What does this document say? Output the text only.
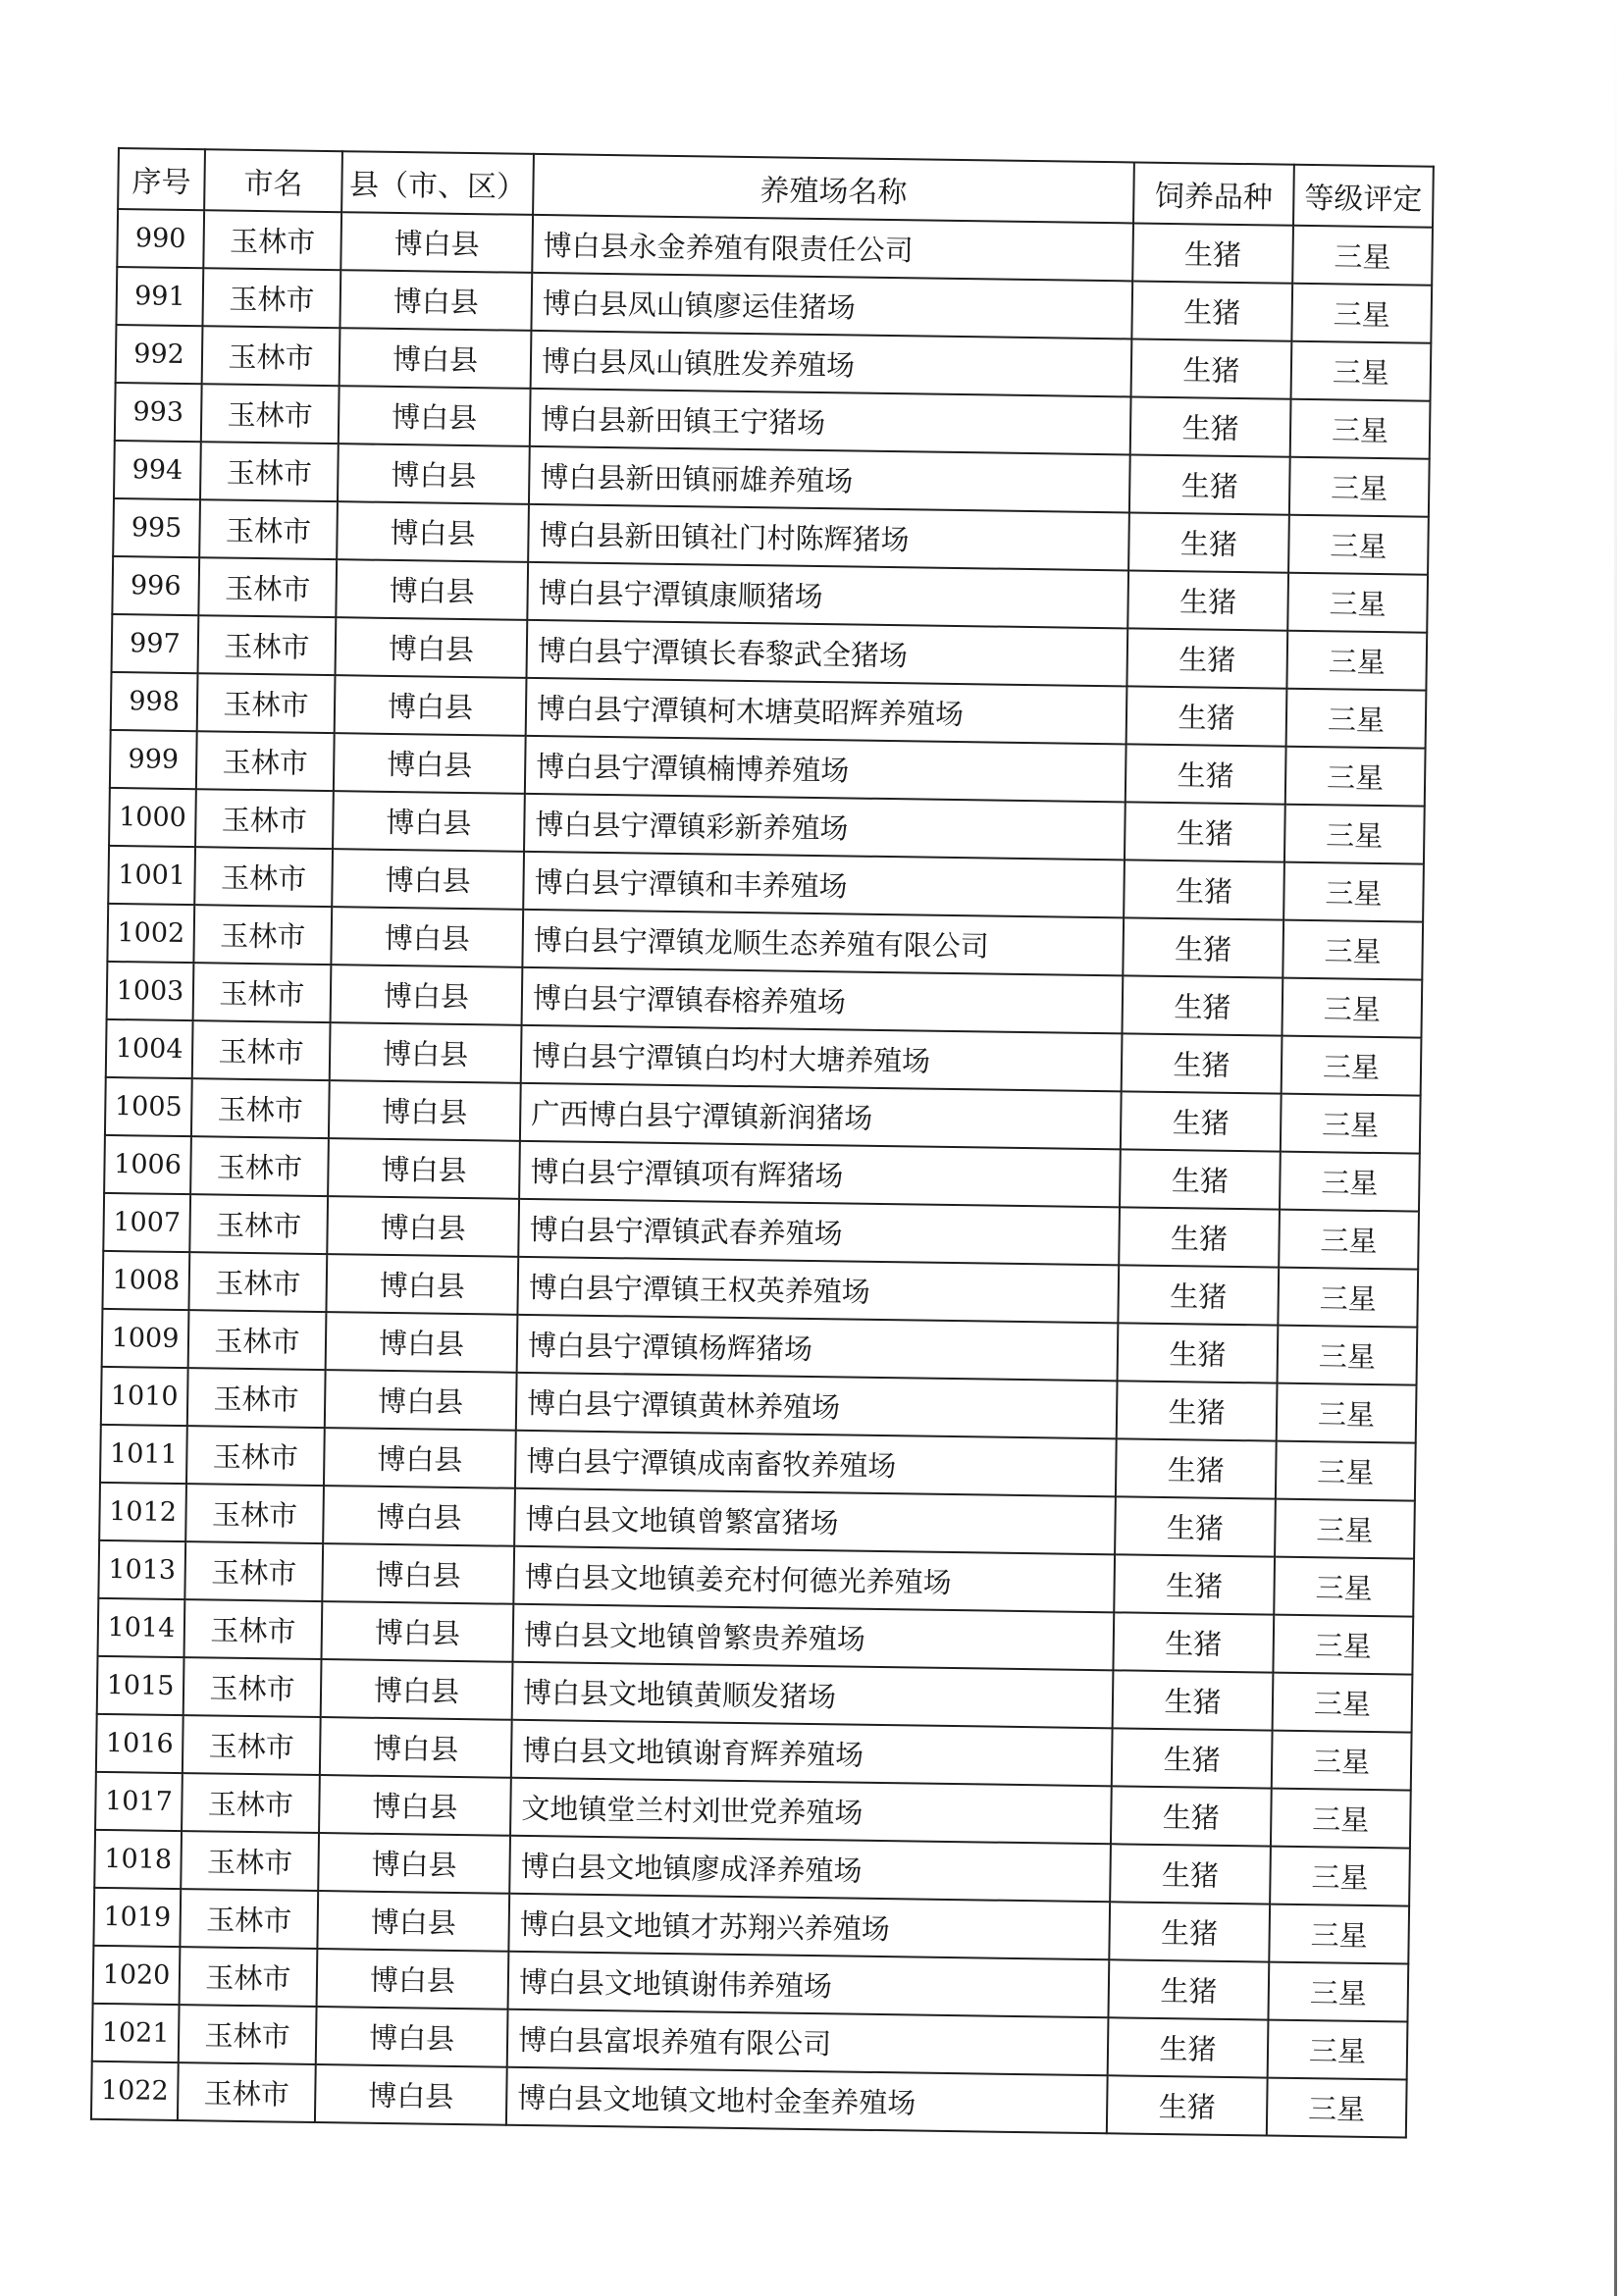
序号	市名	县（市、区）	养殖场名称	饲养品种	等级评定
990	玉林市	博白县	博白县永金养殖有限责任公司	生猪	三星
991	玉林市	博白县	博白县凤山镇廖运佳猪场	生猪	三星
992	玉林市	博白县	博白县凤山镇胜发养殖场	生猪	三星
993	玉林市	博白县	博白县新田镇王宁猪场	生猪	三星
994	玉林市	博白县	博白县新田镇丽雄养殖场	生猪	三星
995	玉林市	博白县	博白县新田镇社门村陈辉猪场	生猪	三星
996	玉林市	博白县	博白县宁潭镇康顺猪场	生猪	三星
997	玉林市	博白县	博白县宁潭镇长春黎武全猪场	生猪	三星
998	玉林市	博白县	博白县宁潭镇柯木塘莫昭辉养殖场	生猪	三星
999	玉林市	博白县	博白县宁潭镇楠博养殖场	生猪	三星
1000	玉林市	博白县	博白县宁潭镇彩新养殖场	生猪	三星
1001	玉林市	博白县	博白县宁潭镇和丰养殖场	生猪	三星
1002	玉林市	博白县	博白县宁潭镇龙顺生态养殖有限公司	生猪	三星
1003	玉林市	博白县	博白县宁潭镇春榕养殖场	生猪	三星
1004	玉林市	博白县	博白县宁潭镇白均村大塘养殖场	生猪	三星
1005	玉林市	博白县	广西博白县宁潭镇新润猪场	生猪	三星
1006	玉林市	博白县	博白县宁潭镇项有辉猪场	生猪	三星
1007	玉林市	博白县	博白县宁潭镇武春养殖场	生猪	三星
1008	玉林市	博白县	博白县宁潭镇王权英养殖场	生猪	三星
1009	玉林市	博白县	博白县宁潭镇杨辉猪场	生猪	三星
1010	玉林市	博白县	博白县宁潭镇黄林养殖场	生猪	三星
1011	玉林市	博白县	博白县宁潭镇成南畜牧养殖场	生猪	三星
1012	玉林市	博白县	博白县文地镇曾繁富猪场	生猪	三星
1013	玉林市	博白县	博白县文地镇姜充村何德光养殖场	生猪	三星
1014	玉林市	博白县	博白县文地镇曾繁贵养殖场	生猪	三星
1015	玉林市	博白县	博白县文地镇黄顺发猪场	生猪	三星
1016	玉林市	博白县	博白县文地镇谢育辉养殖场	生猪	三星
1017	玉林市	博白县	文地镇堂兰村刘世党养殖场	生猪	三星
1018	玉林市	博白县	博白县文地镇廖成泽养殖场	生猪	三星
1019	玉林市	博白县	博白县文地镇才苏翔兴养殖场	生猪	三星
1020	玉林市	博白县	博白县文地镇谢伟养殖场	生猪	三星
1021	玉林市	博白县	博白县富垠养殖有限公司	生猪	三星
1022	玉林市	博白县	博白县文地镇文地村金奎养殖场	生猪	三星
